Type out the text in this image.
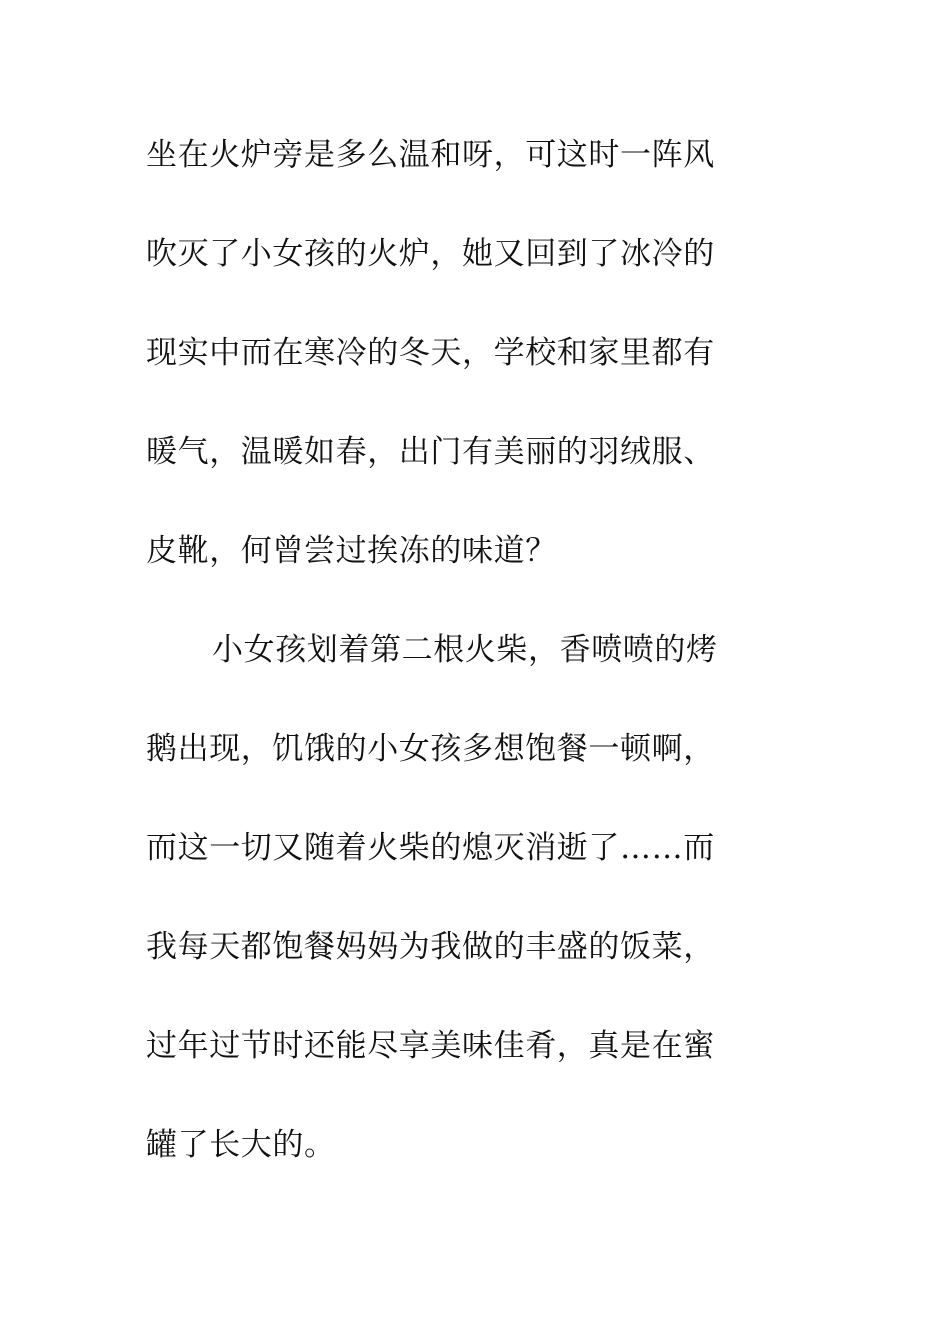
坐在火炉旁是多么温和呀，可这时一阵风
吹灭了小女孩的火炉，她又回到了冰冷的
现实中而在寒冷的冬天，学校和家里都有
暖气，温暖如春，出门有美丽的羽绒服、
皮靴，何曾尝过挨冻的味道？
小女孩划着第二根火柴，香喷喷的烤
鹅出现，饥饿的小女孩多想饱餐一顿啊，
而这一切又随着火柴的熄灭消逝了……而
我每天都饱餐妈妈为我做的丰盛的饭菜，
过年过节时还能尽享美味佳肴，真是在蜜
罐了长大的。
